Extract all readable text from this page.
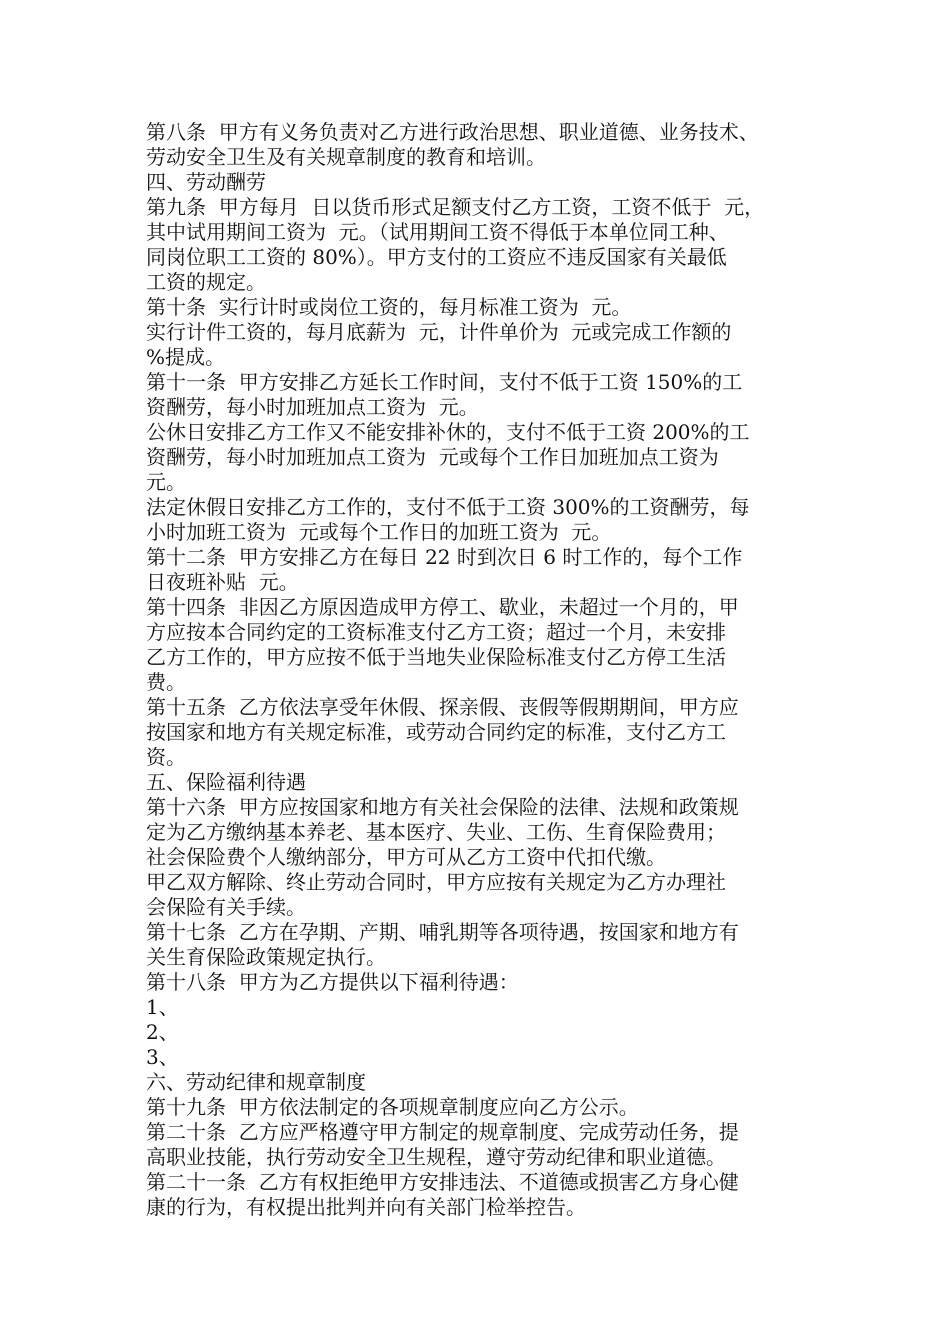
第八条  甲方有义务负责对乙方进行政治思想、职业道德、业务技术、
劳动安全卫生及有关规章制度的教育和培训。
四、劳动酬劳
第九条  甲方每月  日以货币形式足额支付乙方工资，工资不低于  元，
其中试用期间工资为  元。（试用期间工资不得低于本单位同工种、
同岗位职工工资的 80%）。甲方支付的工资应不违反国家有关最低
工资的规定。
第十条  实行计时或岗位工资的，每月标准工资为  元。
实行计件工资的，每月底薪为  元，计件单价为  元或完成工作额的
%提成。
第十一条  甲方安排乙方延长工作时间，支付不低于工资 150%的工
资酬劳，每小时加班加点工资为  元。
公休日安排乙方工作又不能安排补休的，支付不低于工资 200%的工
资酬劳，每小时加班加点工资为  元或每个工作日加班加点工资为
元。
法定休假日安排乙方工作的，支付不低于工资 300%的工资酬劳，每
小时加班工资为  元或每个工作日的加班工资为  元。
第十二条  甲方安排乙方在每日 22 时到次日 6 时工作的，每个工作
日夜班补贴  元。
第十四条  非因乙方原因造成甲方停工、歇业，未超过一个月的，甲
方应按本合同约定的工资标准支付乙方工资；超过一个月，未安排
乙方工作的，甲方应按不低于当地失业保险标准支付乙方停工生活
费。
第十五条  乙方依法享受年休假、探亲假、丧假等假期期间，甲方应
按国家和地方有关规定标准，或劳动合同约定的标准，支付乙方工
资。
五、保险福利待遇
第十六条  甲方应按国家和地方有关社会保险的法律、法规和政策规
定为乙方缴纳基本养老、基本医疗、失业、工伤、生育保险费用；
社会保险费个人缴纳部分，甲方可从乙方工资中代扣代缴。
甲乙双方解除、终止劳动合同时，甲方应按有关规定为乙方办理社
会保险有关手续。
第十七条  乙方在孕期、产期、哺乳期等各项待遇，按国家和地方有
关生育保险政策规定执行。
第十八条  甲方为乙方提供以下福利待遇：
1、
2、
3、
六、劳动纪律和规章制度
第十九条  甲方依法制定的各项规章制度应向乙方公示。
第二十条  乙方应严格遵守甲方制定的规章制度、完成劳动任务，提
高职业技能，执行劳动安全卫生规程，遵守劳动纪律和职业道德。
第二十一条  乙方有权拒绝甲方安排违法、不道德或损害乙方身心健
康的行为，有权提出批判并向有关部门检举控告。
